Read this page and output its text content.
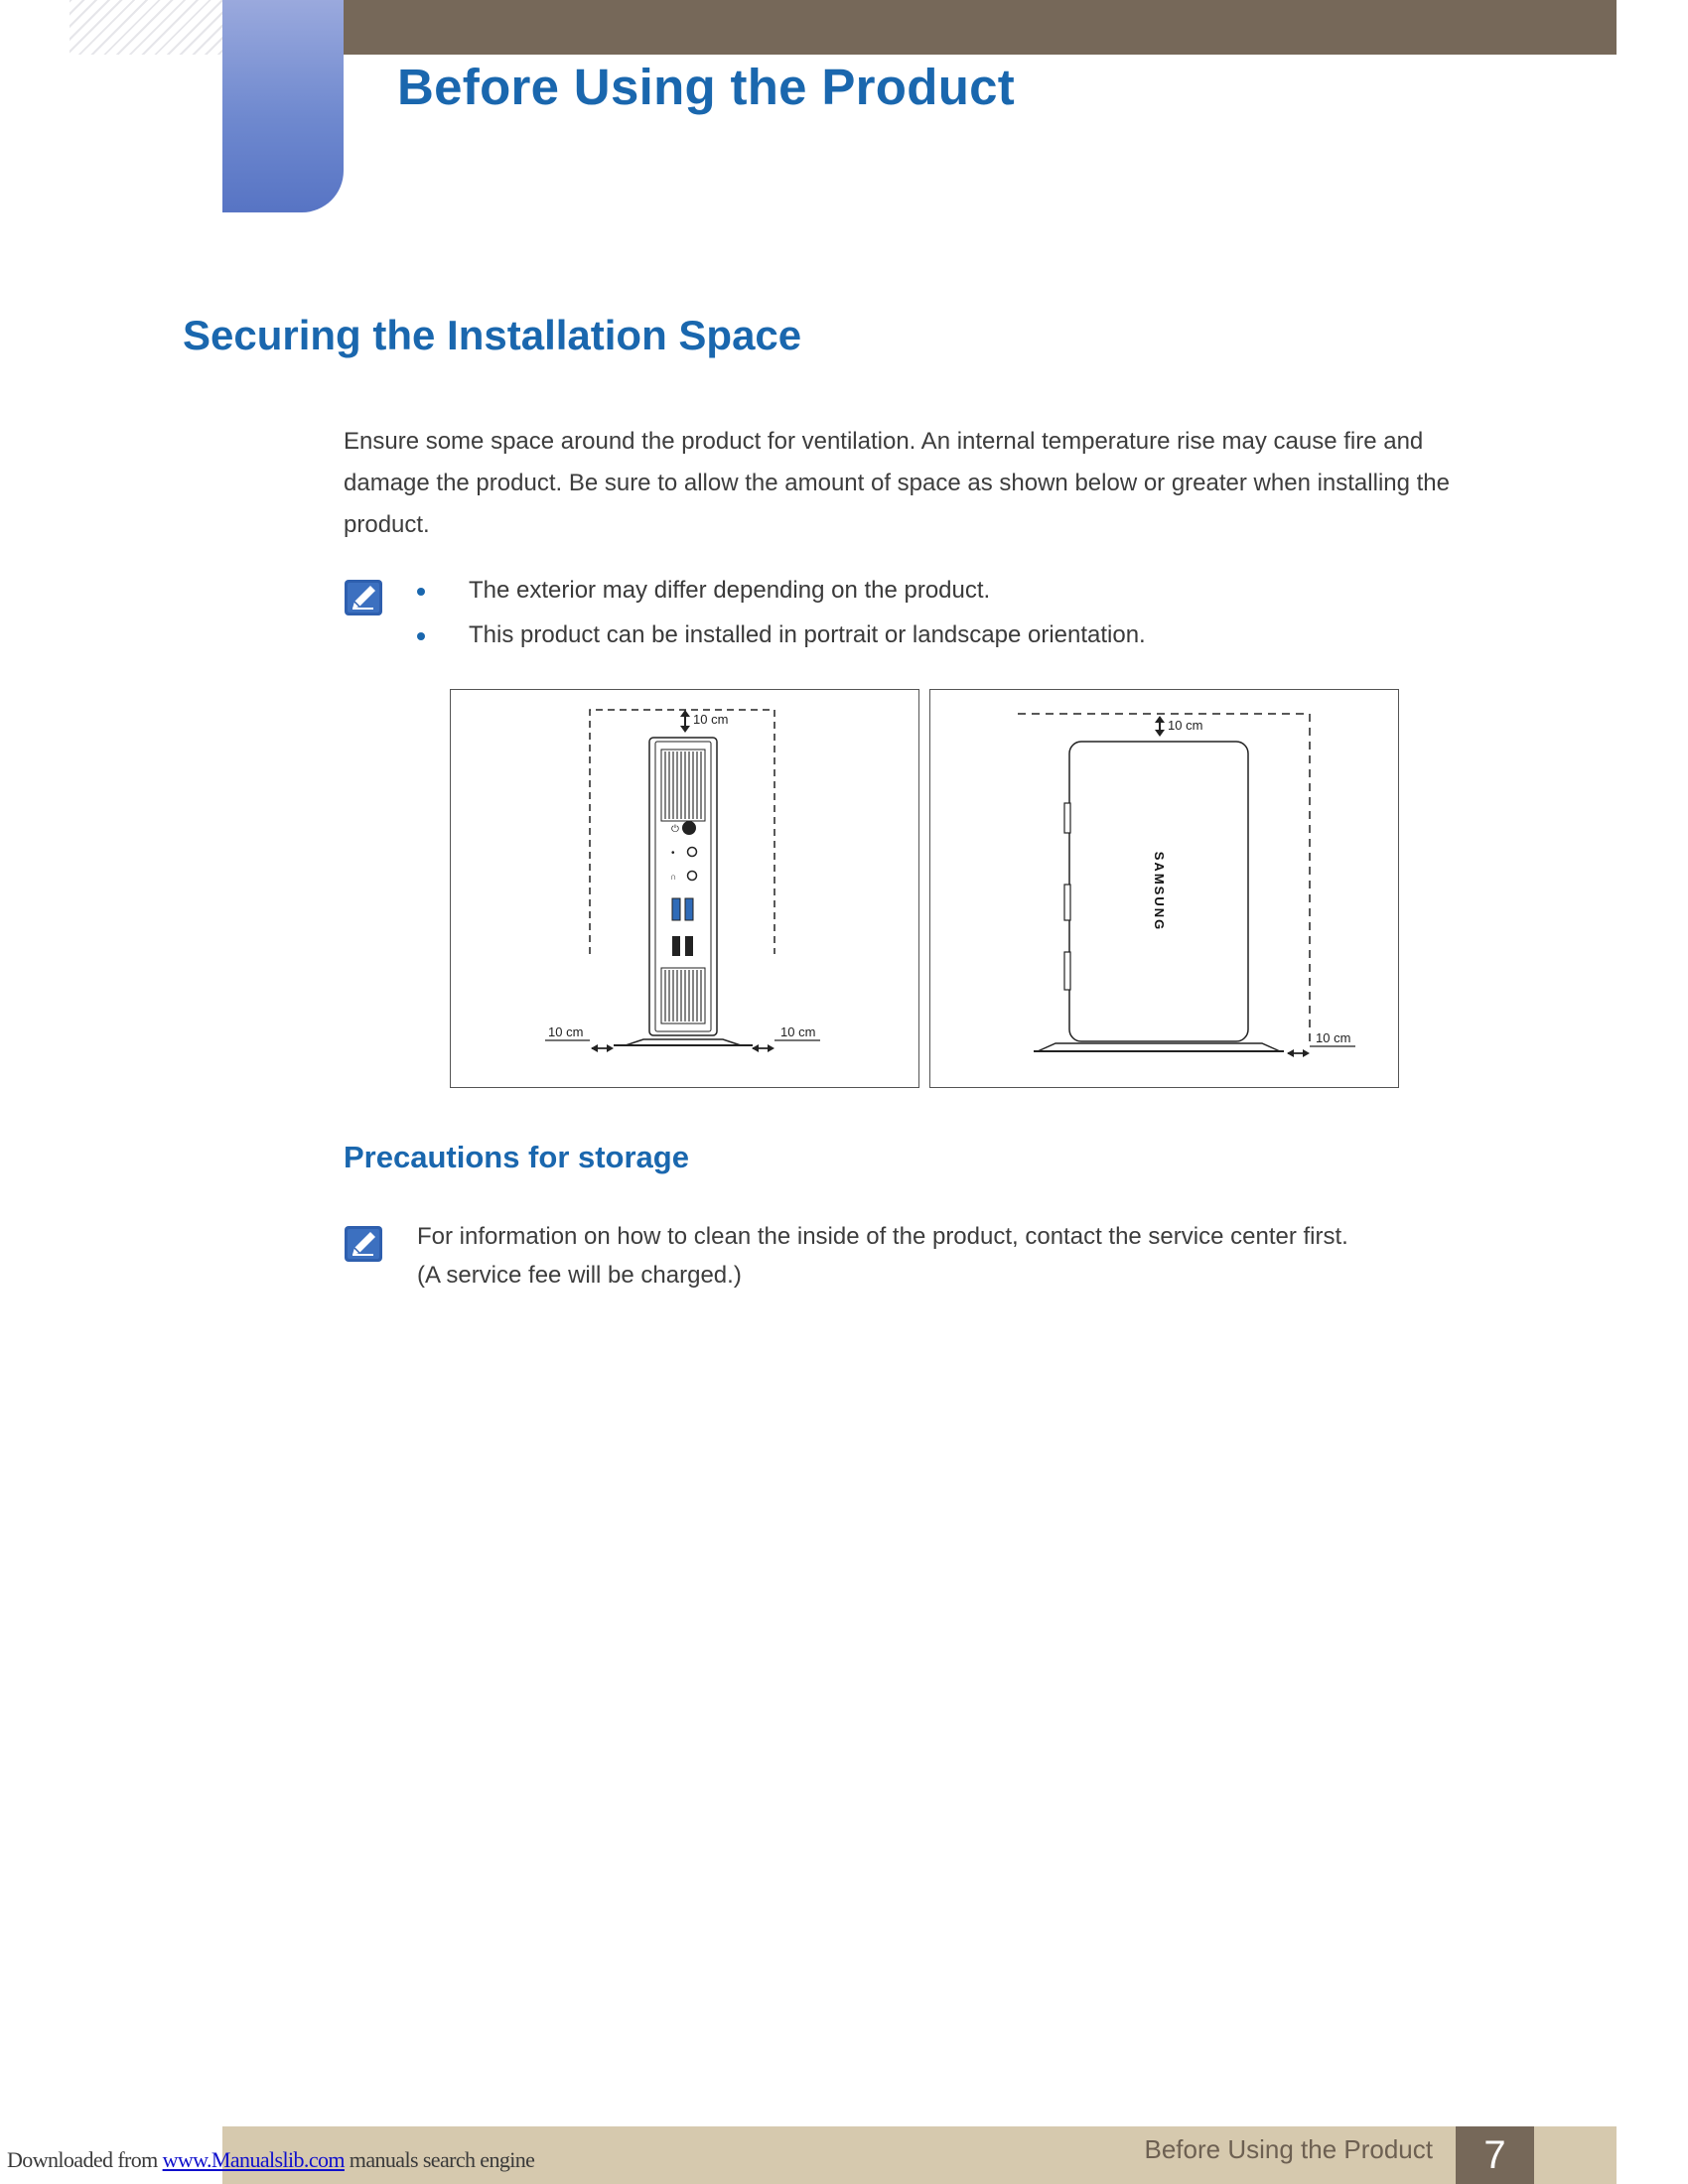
Before Using the Product
Securing the Installation Space

Ensure some space around the product for ventilation. An internal temperature rise may cause fire and damage the product. Be sure to allow the amount of space as shown below or greater when installing the product.

The exterior may differ depending on the product.
This product can be installed in portrait or landscape orientation.
10 cm
⏻
•
∩
10 cm	10 cm
10 cm
SAMSUNG
10 cm
Precautions for storage
For information on how to clean the inside of the product, contact the service center first.
(A service fee will be charged.)

Before Using the Product	7

Downloaded from www.Manualslib.com manuals search engine
